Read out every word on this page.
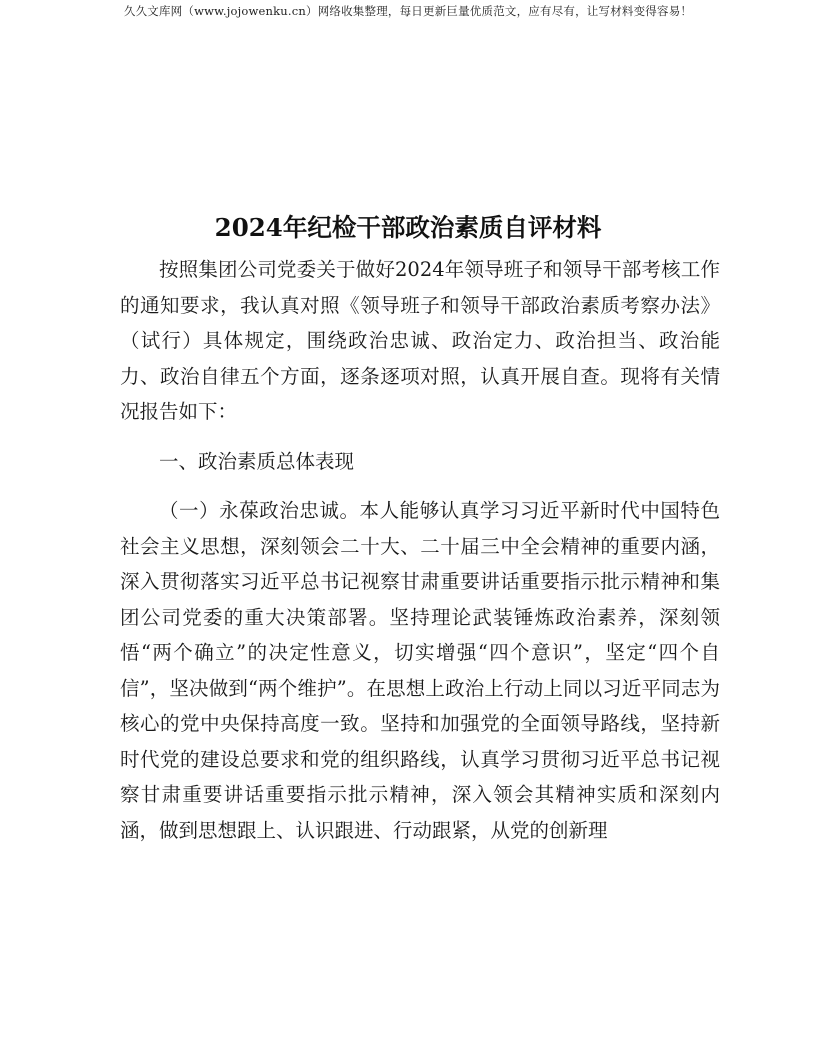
久久文库网（www.jojowenku.cn）网络收集整理，每日更新巨量优质范文，应有尽有，让写材料变得容易！
2024年纪检干部政治素质自评材料

按照集团公司党委关于做好2024年领导班子和领导干部考核工作的通知要求，我认真对照《领导班子和领导干部政治素质考察办法》（试行）具体规定，围绕政治忠诚、政治定力、政治担当、政治能力、政治自律五个方面，逐条逐项对照，认真开展自查。现将有关情况报告如下：

一、政治素质总体表现

（一）永葆政治忠诚。本人能够认真学习习近平新时代中国特色社会主义思想，深刻领会二十大、二十届三中全会精神的重要内涵，深入贯彻落实习近平总书记视察甘肃重要讲话重要指示批示精神和集团公司党委的重大决策部署。坚持理论武装锤炼政治素养，深刻领悟“两个确立”的决定性意义，切实增强“四个意识”，坚定“四个自信”，坚决做到“两个维护”。在思想上政治上行动上同以习近平同志为核心的党中央保持高度一致。坚持和加强党的全面领导路线，坚持新时代党的建设总要求和党的组织路线，认真学习贯彻习近平总书记视察甘肃重要讲话重要指示批示精神，深入领会其精神实质和深刻内涵，做到思想跟上、认识跟进、行动跟紧，从党的创新理
